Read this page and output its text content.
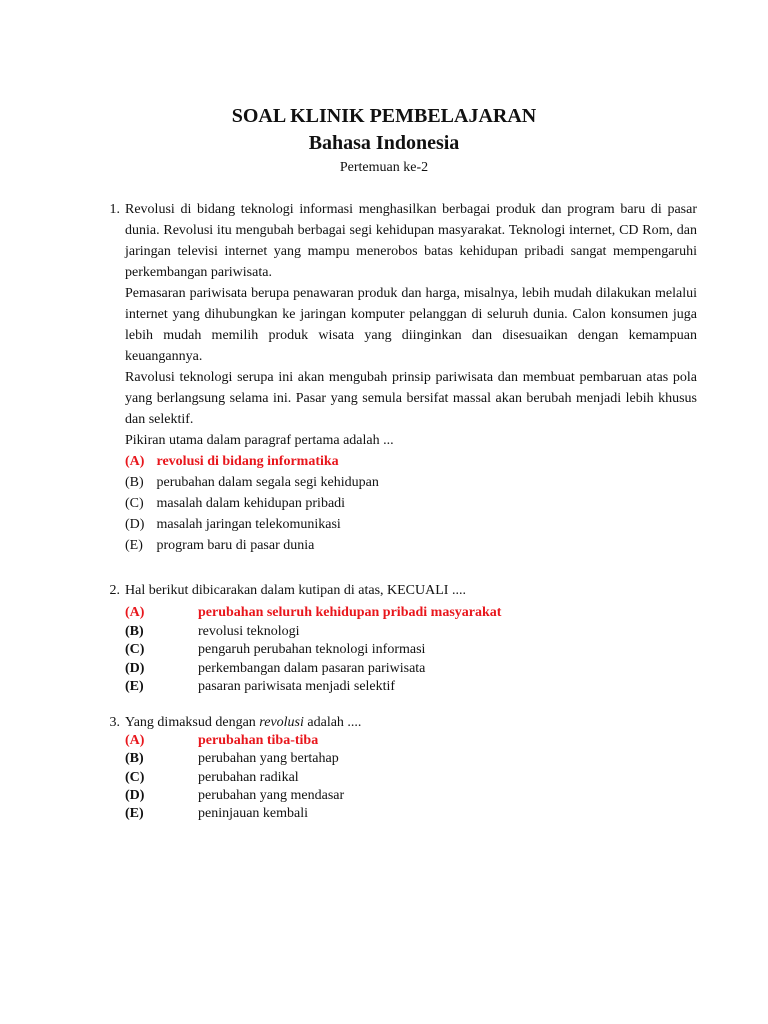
SOAL KLINIK PEMBELAJARAN
Bahasa Indonesia
Pertemuan ke-2
1. Revolusi di bidang teknologi informasi menghasilkan berbagai produk dan program baru di pasar dunia. Revolusi itu mengubah berbagai segi kehidupan masyarakat. Teknologi internet, CD Rom, dan jaringan televisi internet yang mampu menerobos batas kehidupan pribadi sangat mempengaruhi perkembangan pariwisata.

Pemasaran pariwisata berupa penawaran produk dan harga, misalnya, lebih mudah dilakukan melalui internet yang dihubungkan ke jaringan komputer pelanggan di seluruh dunia. Calon konsumen juga lebih mudah memilih produk wisata yang diinginkan dan disesuaikan dengan kemampuan keuangannya.

Ravolusi teknologi serupa ini akan mengubah prinsip pariwisata dan membuat pembaruan atas pola yang berlangsung selama ini. Pasar yang semula bersifat massal akan berubah menjadi lebih khusus dan selektif.

Pikiran utama dalam paragraf pertama adalah ...
(A) revolusi di bidang informatika
(B) perubahan dalam segala segi kehidupan
(C) masalah dalam kehidupan pribadi
(D) masalah jaringan telekomunikasi
(E) program baru di pasar dunia
2. Hal berikut dibicarakan dalam kutipan di atas, KECUALI ....
(A)	perubahan seluruh kehidupan pribadi masyarakat
(B)	revolusi teknologi
(C)	pengaruh perubahan teknologi informasi
(D)	perkembangan dalam pasaran pariwisata
(E)	pasaran pariwisata menjadi selektif
3. Yang dimaksud dengan revolusi adalah ....
(A)	perubahan tiba-tiba
(B)	perubahan yang bertahap
(C)	perubahan radikal
(D)	perubahan yang mendasar
(E)	peninjauan kembali
